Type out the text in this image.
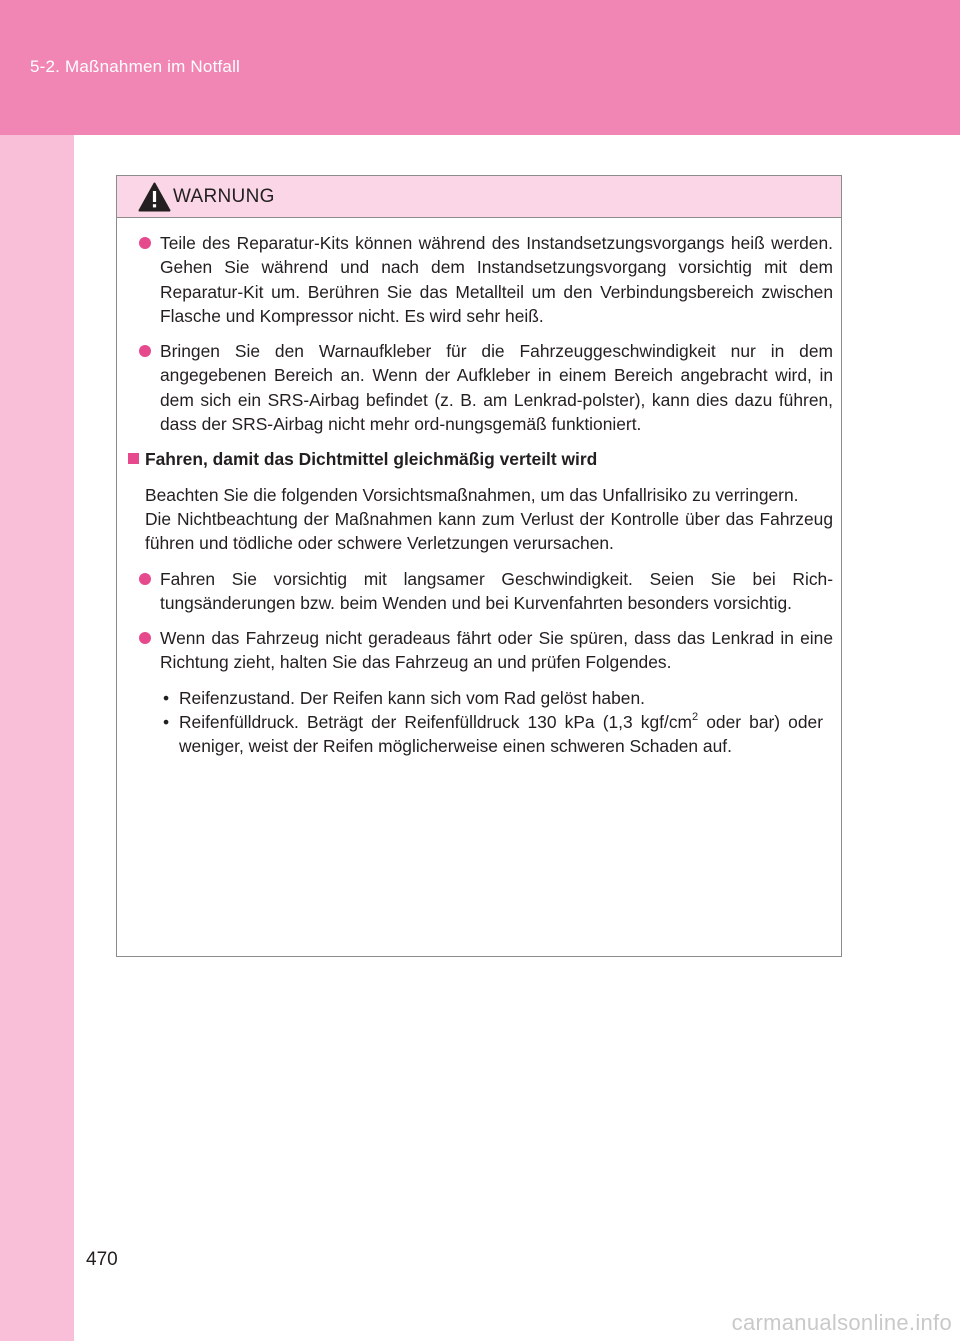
5-2. Maßnahmen im Notfall
WARNUNG
Teile des Reparatur-Kits können während des Instandsetzungsvorgangs heiß werden. Gehen Sie während und nach dem Instandsetzungsvorgang vorsichtig mit dem Reparatur-Kit um. Berühren Sie das Metallteil um den Verbindungsbereich zwischen Flasche und Kompressor nicht. Es wird sehr heiß.
Bringen Sie den Warnaufkleber für die Fahrzeuggeschwindigkeit nur in dem angegebenen Bereich an. Wenn der Aufkleber in einem Bereich angebracht wird, in dem sich ein SRS-Airbag befindet (z. B. am Lenkrad-polster), kann dies dazu führen, dass der SRS-Airbag nicht mehr ord-nungsgemäß funktioniert.
Fahren, damit das Dichtmittel gleichmäßig verteilt wird
Beachten Sie die folgenden Vorsichtsmaßnahmen, um das Unfallrisiko zu verringern.
Die Nichtbeachtung der Maßnahmen kann zum Verlust der Kontrolle über das Fahrzeug führen und tödliche oder schwere Verletzungen verursachen.
Fahren Sie vorsichtig mit langsamer Geschwindigkeit. Seien Sie bei Rich-tungsänderungen bzw. beim Wenden und bei Kurvenfahrten besonders vorsichtig.
Wenn das Fahrzeug nicht geradeaus fährt oder Sie spüren, dass das Lenkrad in eine Richtung zieht, halten Sie das Fahrzeug an und prüfen Folgendes.
• Reifenzustand. Der Reifen kann sich vom Rad gelöst haben.
• Reifenfülldruck. Beträgt der Reifenfülldruck 130 kPa (1,3 kgf/$cm^2$ oder bar) oder weniger, weist der Reifen möglicherweise einen schweren Schaden auf.
470
carmanualsonline.info
